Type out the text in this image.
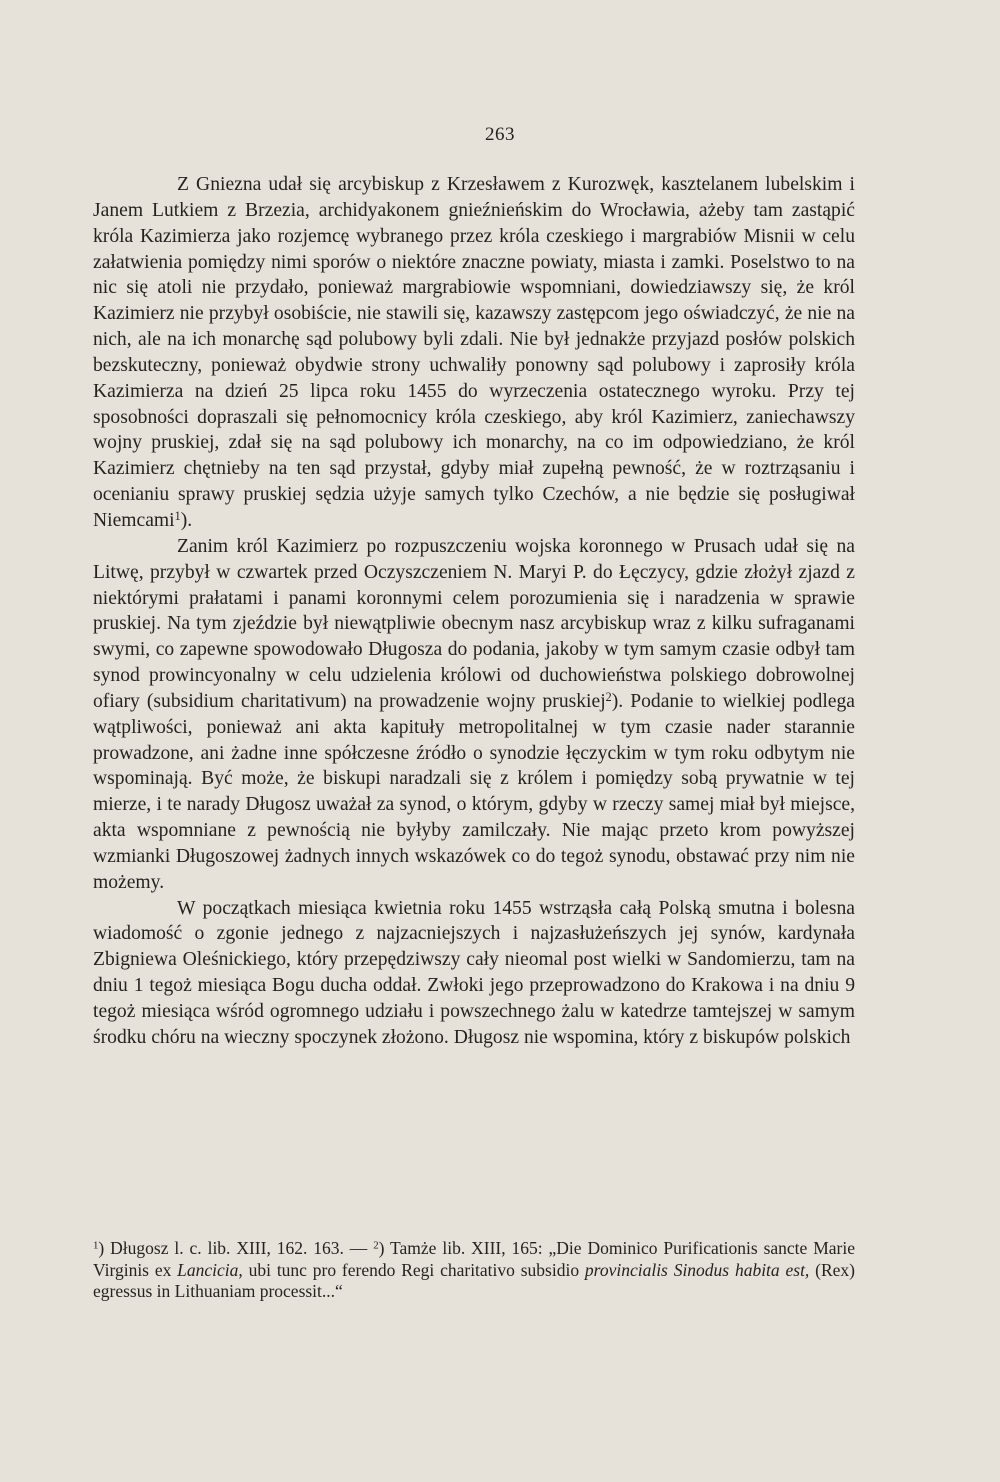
263

Z Gniezna udał się arcybiskup z Krzesławem z Kurozwęk, kasztelanem lubelskim i Janem Lutkiem z Brzezia, archidyakonem gnieźnieńskim do Wrocławia, ażeby tam zastąpić króla Kazimierza jako rozjemcę wybranego przez króla czeskiego i margrabiów Misnii w celu załatwienia pomiędzy nimi sporów o niektóre znaczne powiaty, miasta i zamki. Poselstwo to na nic się atoli nie przydało, ponieważ margrabiowie wspomniani, dowiedziawszy się, że król Kazimierz nie przybył osobiście, nie stawili się, kazawszy zastępcom jego oświadczyć, że nie na nich, ale na ich monarchę sąd polubowy byli zdali. Nie był jednakże przyjazd posłów polskich bezskuteczny, ponieważ obydwie strony uchwaliły ponowny sąd polubowy i zaprosiły króla Kazimierza na dzień 25 lipca roku 1455 do wyrzeczenia ostatecznego wyroku. Przy tej sposobności dopraszali się pełnomocnicy króla czeskiego, aby król Kazimierz, zaniechawszy wojny pruskiej, zdał się na sąd polubowy ich monarchy, na co im odpowiedziano, że król Kazimierz chętnieby na ten sąd przystał, gdyby miał zupełną pewność, że w roztrząsaniu i ocenianiu sprawy pruskiej sędzia użyje samych tylko Czechów, a nie będzie się posługiwał Niemcami$^1$).

Zanim król Kazimierz po rozpuszczeniu wojska koronnego w Prusach udał się na Litwę, przybył w czwartek przed Oczyszczeniem N. Maryi P. do Łęczycy, gdzie złożył zjazd z niektórymi prałatami i panami koronnymi celem porozumienia się i naradzenia w sprawie pruskiej. Na tym zjeździe był niewątpliwie obecnym nasz arcybiskup wraz z kilku sufraganami swymi, co zapewne spowodowało Długosza do podania, jakoby w tym samym czasie odbył tam synod prowincyonalny w celu udzielenia królowi od duchowieństwa polskiego dobrowolnej ofiary (subsidium charitativum) na prowadzenie wojny pruskiej$^2$). Podanie to wielkiej podlega wątpliwości, ponieważ ani akta kapituły metropolitalnej w tym czasie nader starannie prowadzone, ani żadne inne spółczesne źródło o synodzie łęczyckim w tym roku odbytym nie wspominają. Być może, że biskupi naradzali się z królem i pomiędzy sobą prywatnie w tej mierze, i te narady Długosz uważał za synod, o którym, gdyby w rzeczy samej miał był miejsce, akta wspomniane z pewnością nie byłyby zamilczały. Nie mając przeto krom powyższej wzmianki Długoszowej żadnych innych wskazówek co do tegoż synodu, obstawać przy nim nie możemy.

W początkach miesiąca kwietnia roku 1455 wstrząsła całą Polską smutna i bolesna wiadomość o zgonie jednego z najzacniejszych i najzasłużeńszych jej synów, kardynała Zbigniewa Oleśnickiego, który przepędziwszy cały nieomal post wielki w Sandomierzu, tam na dniu 1 tegoż miesiąca Bogu ducha oddał. Zwłoki jego przeprowadzono do Krakowa i na dniu 9 tegoż miesiąca wśród ogromnego udziału i powszechnego żalu w katedrze tamtejszej w samym środku chóru na wieczny spoczynek złożono. Długosz nie wspomina, który z biskupów polskich

$^1$) Długosz l. c. lib. XIII, 162. 163. — $^2$) Tamże lib. XIII, 165: „Die Dominico Purificationis sancte Marie Virginis ex Lancicia, ubi tunc pro ferendo Regi charitativo subsidio provincialis Sinodus habita est, (Rex) egressus in Lithuaniam processit...“
